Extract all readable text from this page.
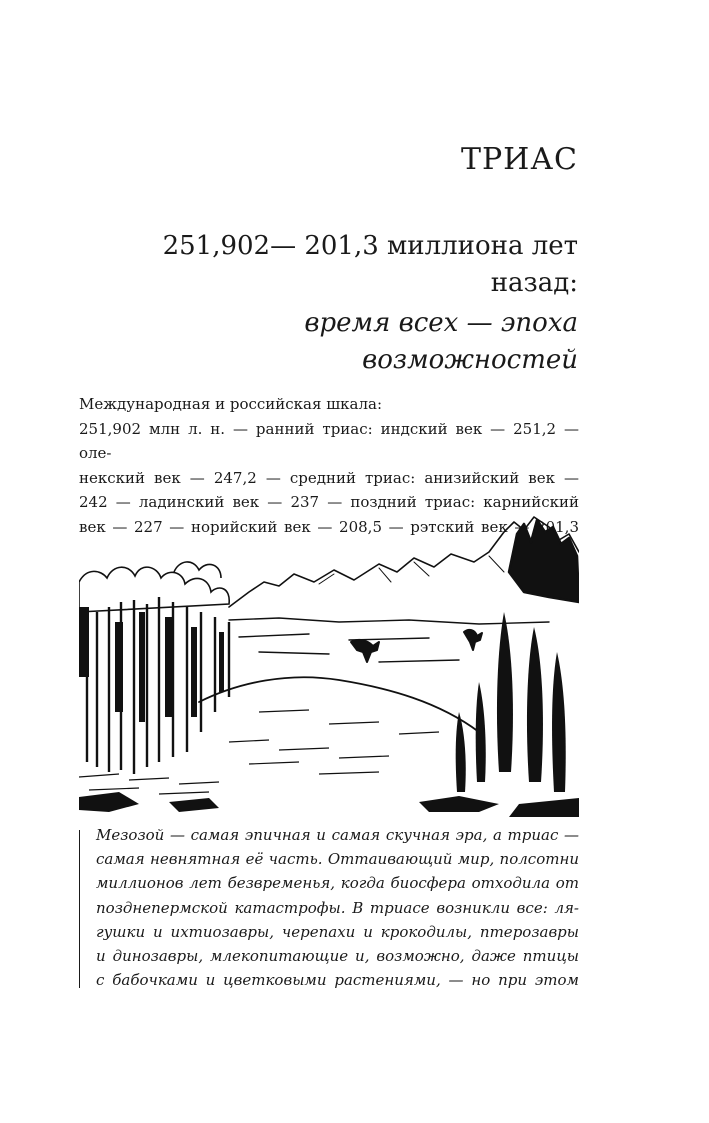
ТРИАС
251,902— 201,3 миллиона лет
назад:
время всех — эпоха
возможностей

Международная и российская шкала:

251,902 млн л. н. — ранний триас: индский век — 251,2 — оле-

некский век — 247,2 — средний триас: анизийский век —

242 — ладинский век — 237 — поздний триас: карнийский

век — 227 — норийский век — 208,5 — рэтский век — 201,3

Мезозой — самая эпичная и самая скучная эра, а триас —

самая невнятная её часть. Оттаивающий мир, полсотни

миллионов лет безвременья, когда биосфера отходила от

позднепермской катастрофы. В триасе возникли все: ля-

гушки и ихтиозавры, черепахи и крокодилы, птерозавры

и динозавры, млекопитающие и, возможно, даже птицы

с бабочками и цветковыми растениями, — но при этом
